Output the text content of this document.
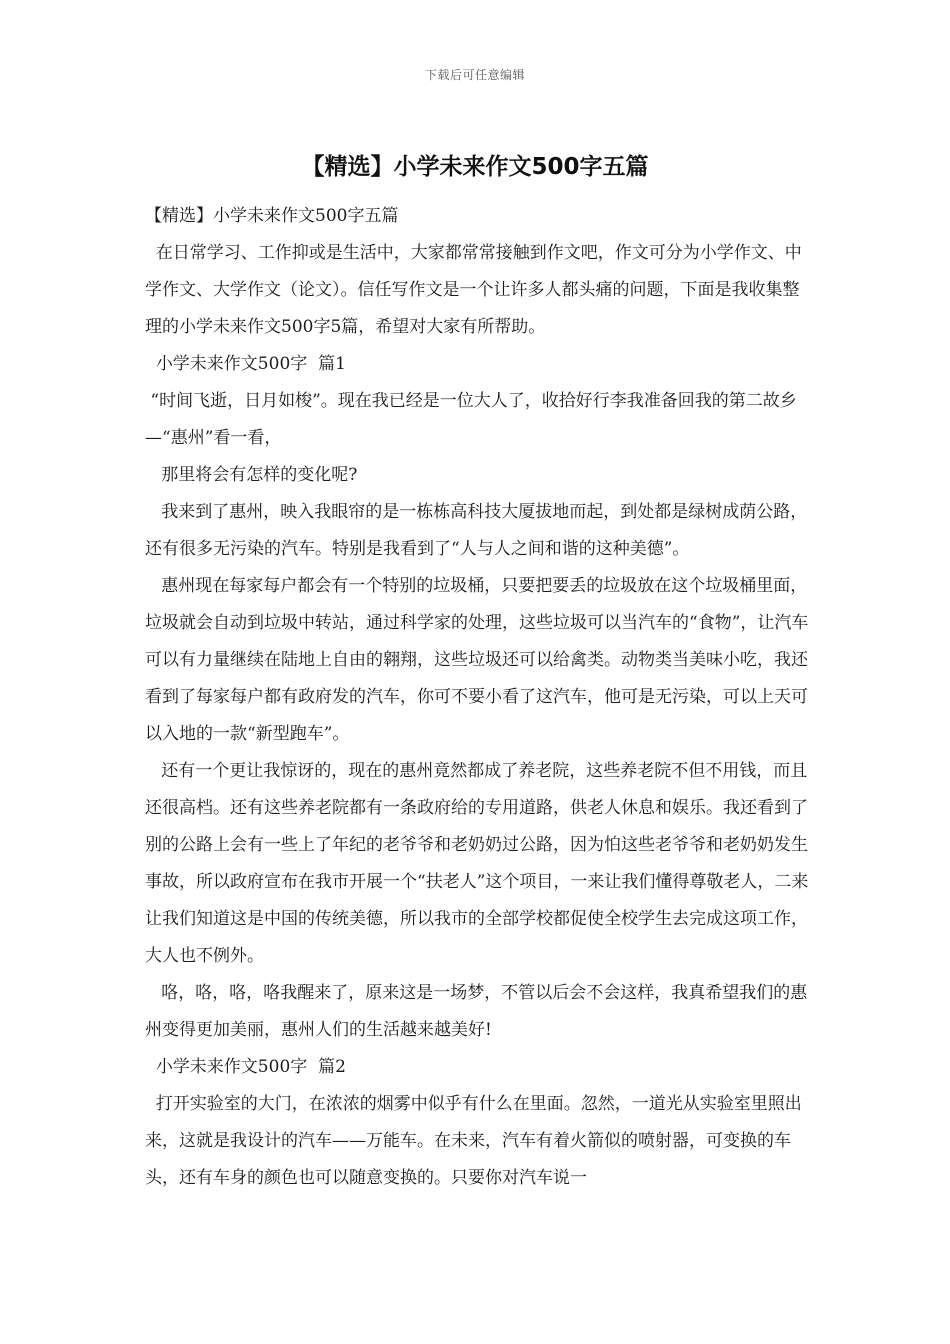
下载后可任意编辑
【精选】小学未来作文500字五篇

【精选】小学未来作文500字五篇

在日常学习、工作抑或是生活中，大家都常常接触到作文吧，作文可分为小学作文、中学作文、大学作文（论文）。信任写作文是一个让许多人都头痛的问题，下面是我收集整理的小学未来作文500字5篇，希望对大家有所帮助。

小学未来作文500字  篇1

“时间飞逝，日月如梭”。现在我已经是一位大人了，收拾好行李我准备回我的第二故乡—“惠州”看一看，

那里将会有怎样的变化呢?

我来到了惠州，映入我眼帘的是一栋栋高科技大厦拔地而起，到处都是绿树成荫公路，还有很多无污染的汽车。特别是我看到了“人与人之间和谐的这种美德”。

惠州现在每家每户都会有一个特别的垃圾桶，只要把要丢的垃圾放在这个垃圾桶里面，垃圾就会自动到垃圾中转站，通过科学家的处理，这些垃圾可以当汽车的“食物”，让汽车可以有力量继续在陆地上自由的翱翔，这些垃圾还可以给禽类。动物类当美味小吃，我还看到了每家每户都有政府发的汽车，你可不要小看了这汽车，他可是无污染，可以上天可以入地的一款“新型跑车”。

还有一个更让我惊讶的，现在的惠州竟然都成了养老院，这些养老院不但不用钱，而且还很高档。还有这些养老院都有一条政府给的专用道路，供老人休息和娱乐。我还看到了别的公路上会有一些上了年纪的老爷爷和老奶奶过公路，因为怕这些老爷爷和老奶奶发生事故，所以政府宣布在我市开展一个“扶老人”这个项目，一来让我们懂得尊敬老人，二来让我们知道这是中国的传统美德，所以我市的全部学校都促使全校学生去完成这项工作，大人也不例外。

咯，咯，咯，咯我醒来了，原来这是一场梦，不管以后会不会这样，我真希望我们的惠州变得更加美丽，惠州人们的生活越来越美好!

小学未来作文500字  篇2

打开实验室的大门，在浓浓的烟雾中似乎有什么在里面。忽然，一道光从实验室里照出来，这就是我设计的汽车——万能车。在未来，汽车有着火箭似的喷射器，可变换的车头，还有车身的颜色也可以随意变换的。只要你对汽车说一
